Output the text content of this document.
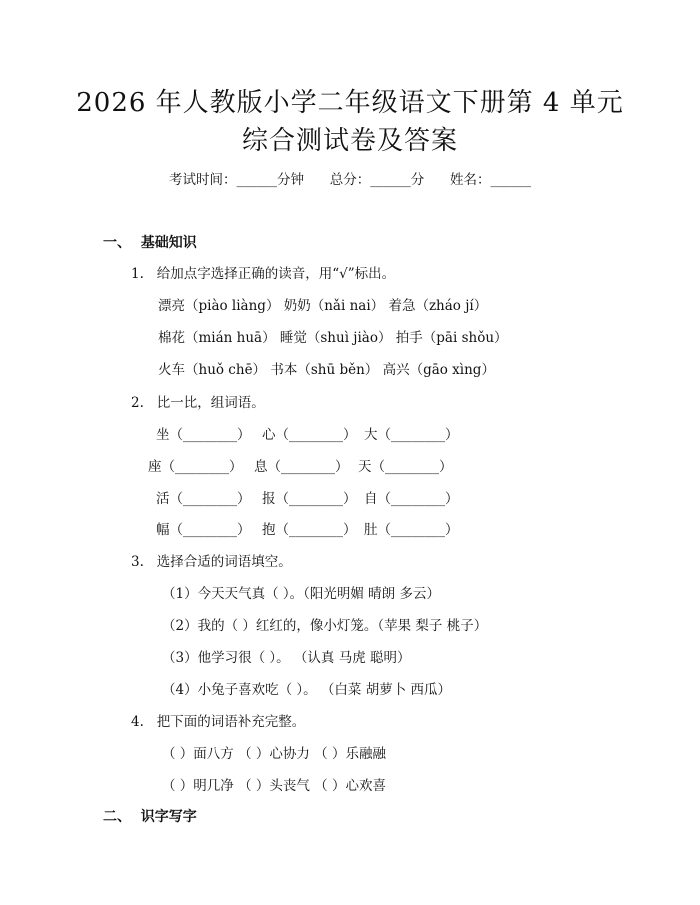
2026 年人教版小学二年级语文下册第 4 单元
综合测试卷及答案
考试时间：______分钟      总分：______分      姓名：______
一、  基础知识
1.   给加点字选择正确的读音，用“√”标出。
漂亮（piào liàng） 奶奶（nǎi nai） 着急（zháo jí）
棉花（mián huā） 睡觉（shuì jiào） 拍手（pāi shǒu）
火车（huǒ chē） 书本（shū běn） 高兴（gāo xìng）
2.   比一比，组词语。
坐（________） 心（________） 大（________）
座（________） 息（________） 天（________）
活（________） 报（________） 自（________）
幅（________） 抱（________） 肚（________）
3.   选择合适的词语填空。
（1）今天天气真（ ）。（阳光明媚 晴朗 多云）
（2）我的（ ）红红的，像小灯笼。（苹果 梨子 桃子）
（3）他学习很（ ）。 （认真 马虎 聪明）
（4）小兔子喜欢吃（ ）。 （白菜 胡萝卜 西瓜）
4.   把下面的词语补充完整。
（ ）面八方 （ ）心协力 （ ）乐融融
（ ）明几净 （ ）头丧气 （ ）心欢喜
二、  识字写字
